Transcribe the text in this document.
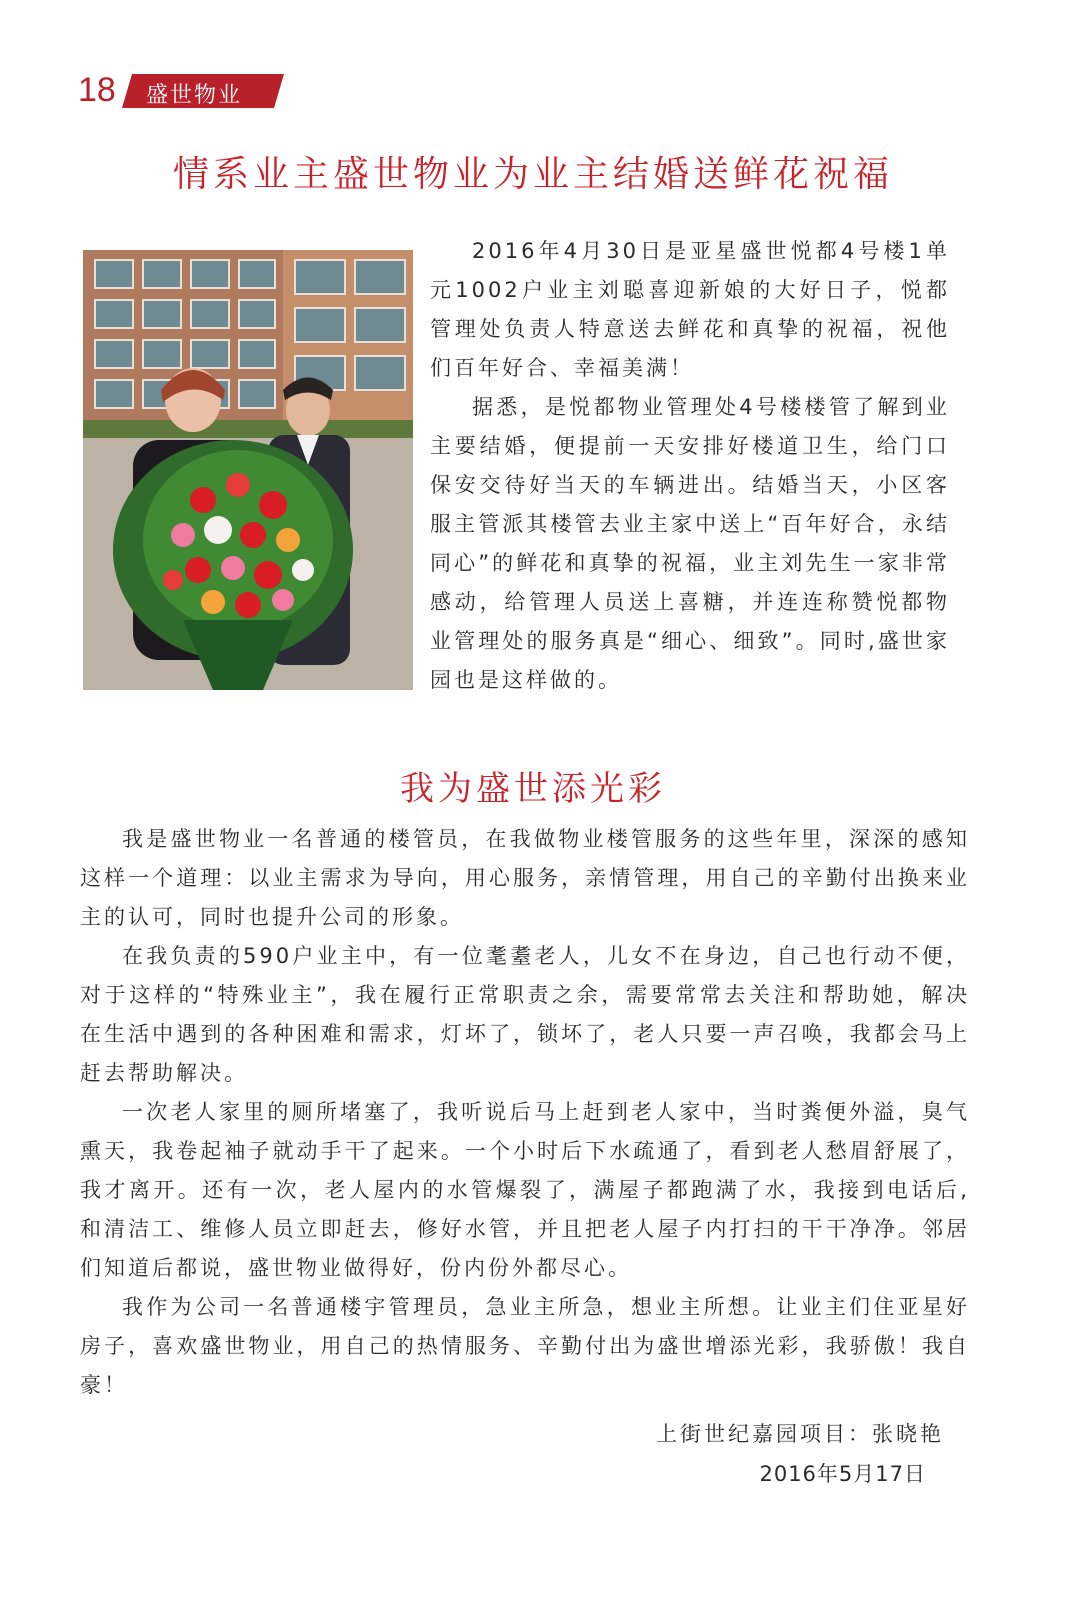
18 盛世物业
情系业主盛世物业为业主结婚送鲜花祝福

2016年4月30日是亚星盛世悦都4号楼1单元1002户业主刘聪喜迎新娘的大好日子，悦都管理处负责人特意送去鲜花和真挚的祝福，祝他们百年好合、幸福美满！

据悉，是悦都物业管理处4号楼楼管了解到业主要结婚，便提前一天安排好楼道卫生，给门口保安交待好当天的车辆进出。结婚当天，小区客服主管派其楼管去业主家中送上“百年好合，永结同心”的鲜花和真挚的祝福，业主刘先生一家非常感动，给管理人员送上喜糖，并连连称赞悦都物业管理处的服务真是“细心、细致”。同时,盛世家园也是这样做的。

我为盛世添光彩

我是盛世物业一名普通的楼管员，在我做物业楼管服务的这些年里，深深的感知这样一个道理：以业主需求为导向，用心服务，亲情管理，用自己的辛勤付出换来业主的认可，同时也提升公司的形象。

在我负责的590户业主中，有一位耄耋老人，儿女不在身边，自己也行动不便，对于这样的“特殊业主”，我在履行正常职责之余，需要常常去关注和帮助她，解决在生活中遇到的各种困难和需求，灯坏了，锁坏了，老人只要一声召唤，我都会马上赶去帮助解决。

一次老人家里的厕所堵塞了，我听说后马上赶到老人家中，当时粪便外溢，臭气熏天，我卷起袖子就动手干了起来。一个小时后下水疏通了，看到老人愁眉舒展了，我才离开。还有一次，老人屋内的水管爆裂了，满屋子都跑满了水，我接到电话后,和清洁工、维修人员立即赶去，修好水管，并且把老人屋子内打扫的干干净净。邻居们知道后都说，盛世物业做得好，份内份外都尽心。

我作为公司一名普通楼宇管理员，急业主所急，想业主所想。让业主们住亚星好房子，喜欢盛世物业，用自己的热情服务、辛勤付出为盛世增添光彩，我骄傲！我自豪！

上街世纪嘉园项目：张晓艳
2016年5月17日
